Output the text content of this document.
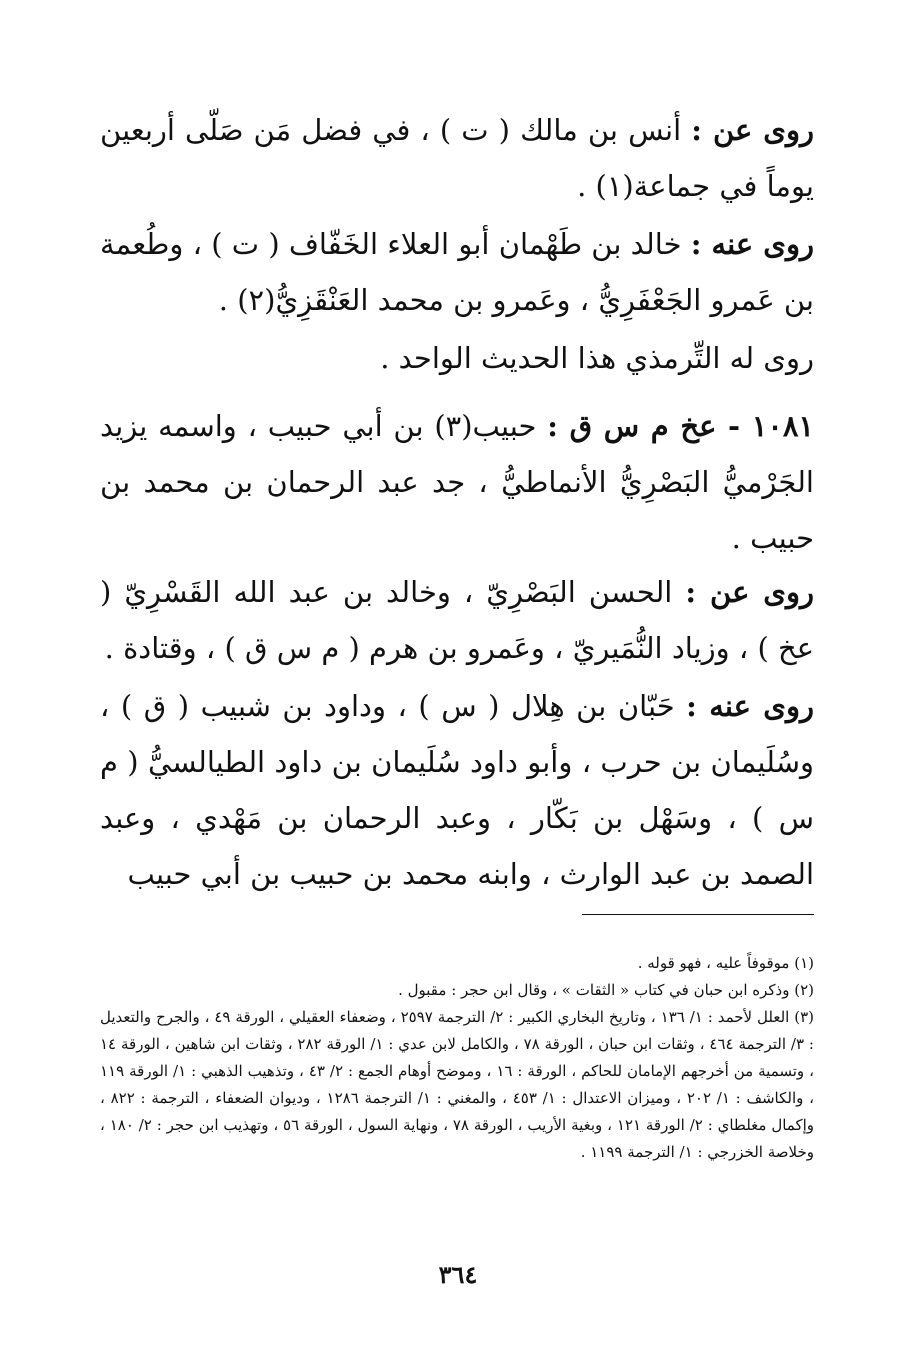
روى عن : أنس بن مالك ( ت ) ، في فضل مَن صَلّى أربعين يوماً في جماعة(١) .

روى عنه : خالد بن طَهْمان أبو العلاء الخَفّاف ( ت ) ، وطُعمة بن عَمرو الجَعْفَرِيُّ ، وعَمرو بن محمد العَنْقَزِيُّ(٢) .

روى له التِّرمذي هذا الحديث الواحد .

١٠٨١ - عخ م س ق : حبيب(٣) بن أبي حبيب ، واسمه يزيد الجَرْميُّ البَصْرِيُّ الأنماطيُّ ، جد عبد الرحمان بن محمد بن حبيب .

روى عن : الحسن البَصْرِيّ ، وخالد بن عبد الله القَسْرِيّ ( عخ ) ، وزياد النُّمَيريّ ، وعَمرو بن هرم ( م س ق ) ، وقتادة .

روى عنه : حَبّان بن هِلال ( س ) ، وداود بن شبيب ( ق ) ، وسُلَيمان بن حرب ، وأبو داود سُلَيمان بن داود الطيالسيُّ ( م س ) ، وسَهْل بن بَكّار ، وعبد الرحمان بن مَهْدي ، وعبد الصمد بن عبد الوارث ، وابنه محمد بن حبيب بن أبي حبيب

(١) موقوفاً عليه ، فهو قوله .

(٢) وذكره ابن حبان في كتاب « الثقات » ، وقال ابن حجر : مقبول .

(٣) العلل لأحمد : ١/ ١٣٦ ، وتاريخ البخاري الكبير : ٢/ الترجمة ٢٥٩٧ ، وضعفاء العقيلي ، الورقة ٤٩ ، والجرح والتعديل : ٣/ الترجمة ٤٦٤ ، وثقات ابن حبان ، الورقة ٧٨ ، والكامل لابن عدي : ١/ الورقة ٢٨٢ ، وثقات ابن شاهين ، الورقة ١٤ ، وتسمية من أخرجهم الإمامان للحاكم ، الورقة : ١٦ ، وموضح أوهام الجمع : ٢/ ٤٣ ، وتذهيب الذهبي : ١/ الورقة ١١٩ ، والكاشف : ١/ ٢٠٢ ، وميزان الاعتدال : ١/ ٤٥٣ ، والمغني : ١/ الترجمة ١٢٨٦ ، وديوان الضعفاء ، الترجمة : ٨٢٢ ، وإكمال مغلطاي : ٢/ الورقة ١٢١ ، وبغية الأريب ، الورقة ٧٨ ، ونهاية السول ، الورقة ٥٦ ، وتهذيب ابن حجر : ٢/ ١٨٠ ، وخلاصة الخزرجي : ١/ الترجمة ١١٩٩ .

٣٦٤
